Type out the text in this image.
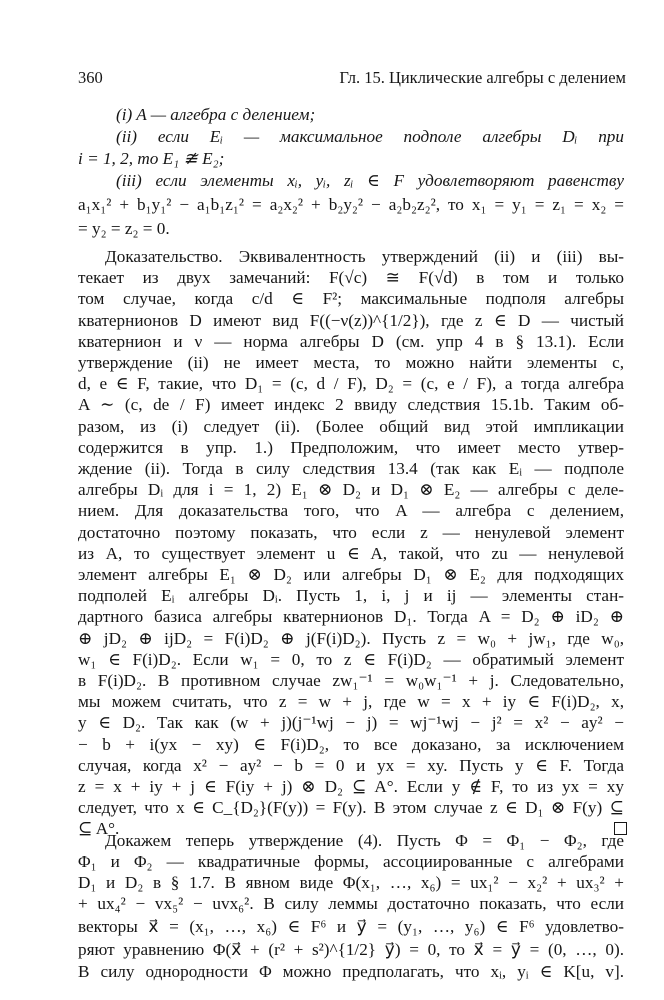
360	Гл. 15. Циклические алгебры с делением
(i) A — алгебра с делением;
(ii) если Eᵢ — максимальное подполе алгебры Dᵢ при
i = 1, 2, то E₁ ≇ E₂;
(iii) если элементы xᵢ, yᵢ, zᵢ ∈ F удовлетворяют равенству
a₁x₁² + b₁y₁² − a₁b₁z₁² = a₂x₂² + b₂y₂² − a₂b₂z₂², то x₁ = y₁ = z₁ = x₂ =
= y₂ = z₂ = 0.
Доказательство. Эквивалентность утверждений (ii) и (iii) вы-
текает из двух замечаний: F(√c) ≅ F(√d) в том и только
том случае, когда c/d ∈ F²; максимальные подполя алгебры
кватернионов D имеют вид F((−ν(z))^{1/2}), где z ∈ D — чистый
кватернион и ν — норма алгебры D (см. упр 4 в § 13.1). Если
утверждение (ii) не имеет места, то можно найти элементы c,
d, e ∈ F, такие, что D₁ = (c, d / F), D₂ = (c, e / F), а тогда алгебра
A ∼ (c, de / F) имеет индекс 2 ввиду следствия 15.1b. Таким об-
разом, из (i) следует (ii). (Более общий вид этой импликации
содержится в упр. 1.) Предположим, что имеет место утвер-
ждение (ii). Тогда в силу следствия 13.4 (так как Eᵢ — подполе
алгебры Dᵢ для i = 1, 2) E₁ ⊗ D₂ и D₁ ⊗ E₂ — алгебры с деле-
нием. Для доказательства того, что A — алгебра с делением,
достаточно поэтому показать, что если z — ненулевой элемент
из A, то существует элемент u ∈ A, такой, что zu — ненулевой
элемент алгебры E₁ ⊗ D₂ или алгебры D₁ ⊗ E₂ для подходящих
подполей Eᵢ алгебры Dᵢ. Пусть 1, i, j и ij — элементы стан-
дартного базиса алгебры кватернионов D₁. Тогда A = D₂ ⊕ iD₂ ⊕
⊕ jD₂ ⊕ ijD₂ = F(i)D₂ ⊕ j(F(i)D₂). Пусть z = w₀ + jw₁, где w₀,
w₁ ∈ F(i)D₂. Если w₁ = 0, то z ∈ F(i)D₂ — обратимый элемент
в F(i)D₂. В противном случае zw₁⁻¹ = w₀w₁⁻¹ + j. Следовательно,
мы можем считать, что z = w + j, где w = x + iy ∈ F(i)D₂, x,
y ∈ D₂. Так как (w + j)(j⁻¹wj − j) = wj⁻¹wj − j² = x² − ay² −
− b + i(yx − xy) ∈ F(i)D₂, то все доказано, за исключением
случая, когда x² − ay² − b = 0 и yx = xy. Пусть y ∈ F. Тогда
z = x + iy + j ∈ F(iy + j) ⊗ D₂ ⊆ A°. Если y ∉ F, то из yx = xy
следует, что x ∈ C_{D₂}(F(y)) = F(y). В этом случае z ∈ D₁ ⊗ F(y) ⊆
⊆ A°.
Докажем теперь утверждение (4). Пусть Φ = Φ₁ − Φ₂, где
Φ₁ и Φ₂ — квадратичные формы, ассоциированные с алгебрами
D₁ и D₂ в § 1.7. В явном виде Φ(x₁, …, x₆) = ux₁² − x₂² + ux₃² +
+ ux₄² − vx₅² − uvx₆². В силу леммы достаточно показать, что если
векторы x⃗ = (x₁, …, x₆) ∈ F⁶ и y⃗ = (y₁, …, y₆) ∈ F⁶ удовлетво-
ряют уравнению Φ(x⃗ + (r² + s²)^{1/2} y⃗) = 0, то x⃗ = y⃗ = (0, …, 0).
В силу однородности Φ можно предполагать, что xᵢ, yᵢ ∈ K[u, v].
